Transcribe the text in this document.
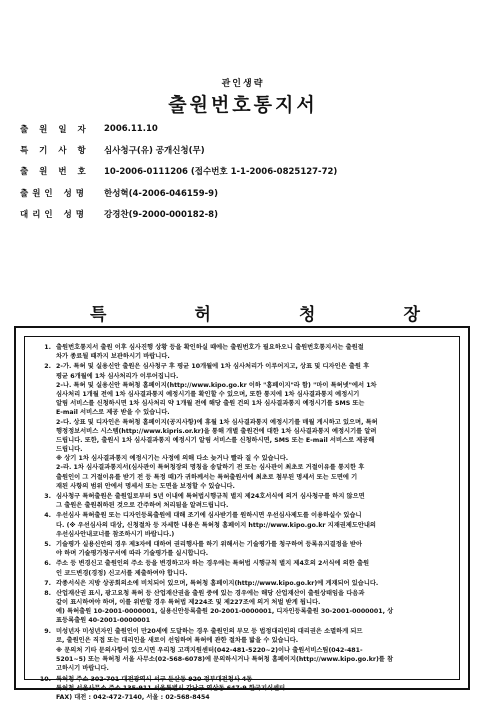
관인생략
출원번호통지서
출 원 일 자	2006.11.10
특 기 사 항	심사청구(유) 공개신청(무)
출 원 번 호	10-2006-0111206 (접수번호 1-1-2006-0825127-72)
출원인 성명	한성혁(4-2006-046159-9)
대리인 성명	강경찬(9-2000-000182-8)
특	허	청	장
1. 출원번호통지서 출원 이후 심사진행 상황 등을 확인하실 때에는 출원번호가 필요하오니 출원번호통지서는 출원절
차가 종료될 때까지 보관하시기 바랍니다.
2. 2-가. 특허 및 실용신안 출원은 심사청구 후 평균 10개월에 1차 심사처리가 이루어지고, 상표 및 디자인은 출원 후
평균 6개월에 1차 심사처리가 이루어집니다.
2-나. 특허 및 실용신안 특허청 홈페이지(http://www.kipo.go.kr 이하 "홈페이지"라 함) "마이 특허넷"에서 1차
심사처리 1개월 전에 1차 심사결과통지 예정시기를 확인할 수 있으며, 또한 통지에 1차 심사결과통지 예정시기
알림 서비스를 신청하시면 1차 심사처리 약 1개월 전에 해당 출원 건의 1차 심사결과통지 예정시기를 SMS 또는
E-mail 서비스로 제공 받을 수 있습니다.
2-다. 상표 및 디자인은 특허청 홈페이지(공지사항)에 휴월 1차 심사결과통지 예정시기를 매월 게시하고 있으며, 특허
행정정보서비스 시스템(http://www.kipris.or.kr)을 통해 개별 출원건에 대한 1차 심사결과통지 예정시기를 알려
드립니다. 또한, 출원시 1차 심사결과통지 예정시기 알림 서비스를 신청하시면, SMS 또는 E-mail 서비스로 제공해
드립니다.
※ 상기 1차 심사결과통지 예정시기는 사정에 의해 다소 늦거나 빨라 질 수 있습니다.
2-라. 1차 심사결과통지서(심사관이 특허청장의 명칭을 송달하기 전 또는 심사관이 최초로 거절이유를 통지한 후
출원인이 그 거절이유를 받기 전 등 특정 때)가 귀하께서는 특허출원서에 최초로 첨부된 명세서 또는 도면에 기
재된 사항의 범위 안에서 명세서 또는 도면을 보정할 수 있습니다.
3. 심사청구 특허출원은 출원일로부터 5년 이내에 특허법시행규칙 별지 제24호서식에 의거 심사청구를 하지 않으면
그 출원은 출원취하된 것으로 간주하여 처리됨을 알려드립니다.
4. 우선심사 특허출원 또는 디자인등록출원에 대해 조기에 심사받기를 원하시면 우선심사제도를 이용하실수 있습니
다. (※ 우선심사의 대상, 신청절차 등 자세한 내용은 특허청 홈페이지 http://www.kipo.go.kr 지재권제도안내의
우선심사안내코너를 참조하시기 바랍니다.)
5. 기술평가 실용신안의 경우 제3자에 대하여 권리행사를 하기 위해서는 기술평가를 청구하여 등록유지결정을 받아
야 하며 기술평가청구서에 따라 기술평가를 실시합니다.
6. 주소 등 변경신고 출원인의 주소 등을 변경하고자 하는 경우에는 특허법 시행규칙 별지 제4호의 2서식에 의한 출원
인 코드변경(경정) 신고서를 제출하여야 합니다.
7. 각종서식은 지방 상공회의소에 비치되어 있으며, 특허청 홈페이지(http://www.kipo.go.kr)에 게재되어 있습니다.
8. 산업재산권 표시, 광고요청 특허 등 산업재산권을 출원 중에 있는 경우에는 해당 산업재산이 출원상태임을 다음과
같이 표시하여야 하며, 이를 위반할 경우 특허법 제224조 및 제227조에 의거 처벌 받게 됩니다.
예) 특허출원 10-2001-0000001, 실용신안등록출원 20-2001-0000001, 디자인등록출원 30-2001-0000001, 상
표등록출원 40-2001-0000001
9. 미성년자 미성년자인 출원인이 만20세에 도달하는 경우 출원인의 부모 등 법정대리인의 대리권은 소멸하게 되므
로, 출원인은 직접 또는 대리인을 새로이 선임하여 특허에 관한 절차를 밟을 수 있습니다.
※ 문의처 기타 문의사항이 있으시면 우리청 고객지원센터(042-481-5220~2)이나 출원서비스팀(042-481-
5201~5) 또는 특허청 서울 사무소(02-568-6078)에 문의하시거나 특허청 홈페이지(http://www.kipo.go.kr)를 참
고하시기 바랍니다.
10. 특허청 주소 302-701 대전광역시 서구 둔산동 920 정부대전청사 4동
특허청 서울사무소 주소 135-911 서울특별시 강남구 역삼동 647-9 한국지식센터
FAX) 대전 : 042-472-7140, 서울 : 02-568-8454
